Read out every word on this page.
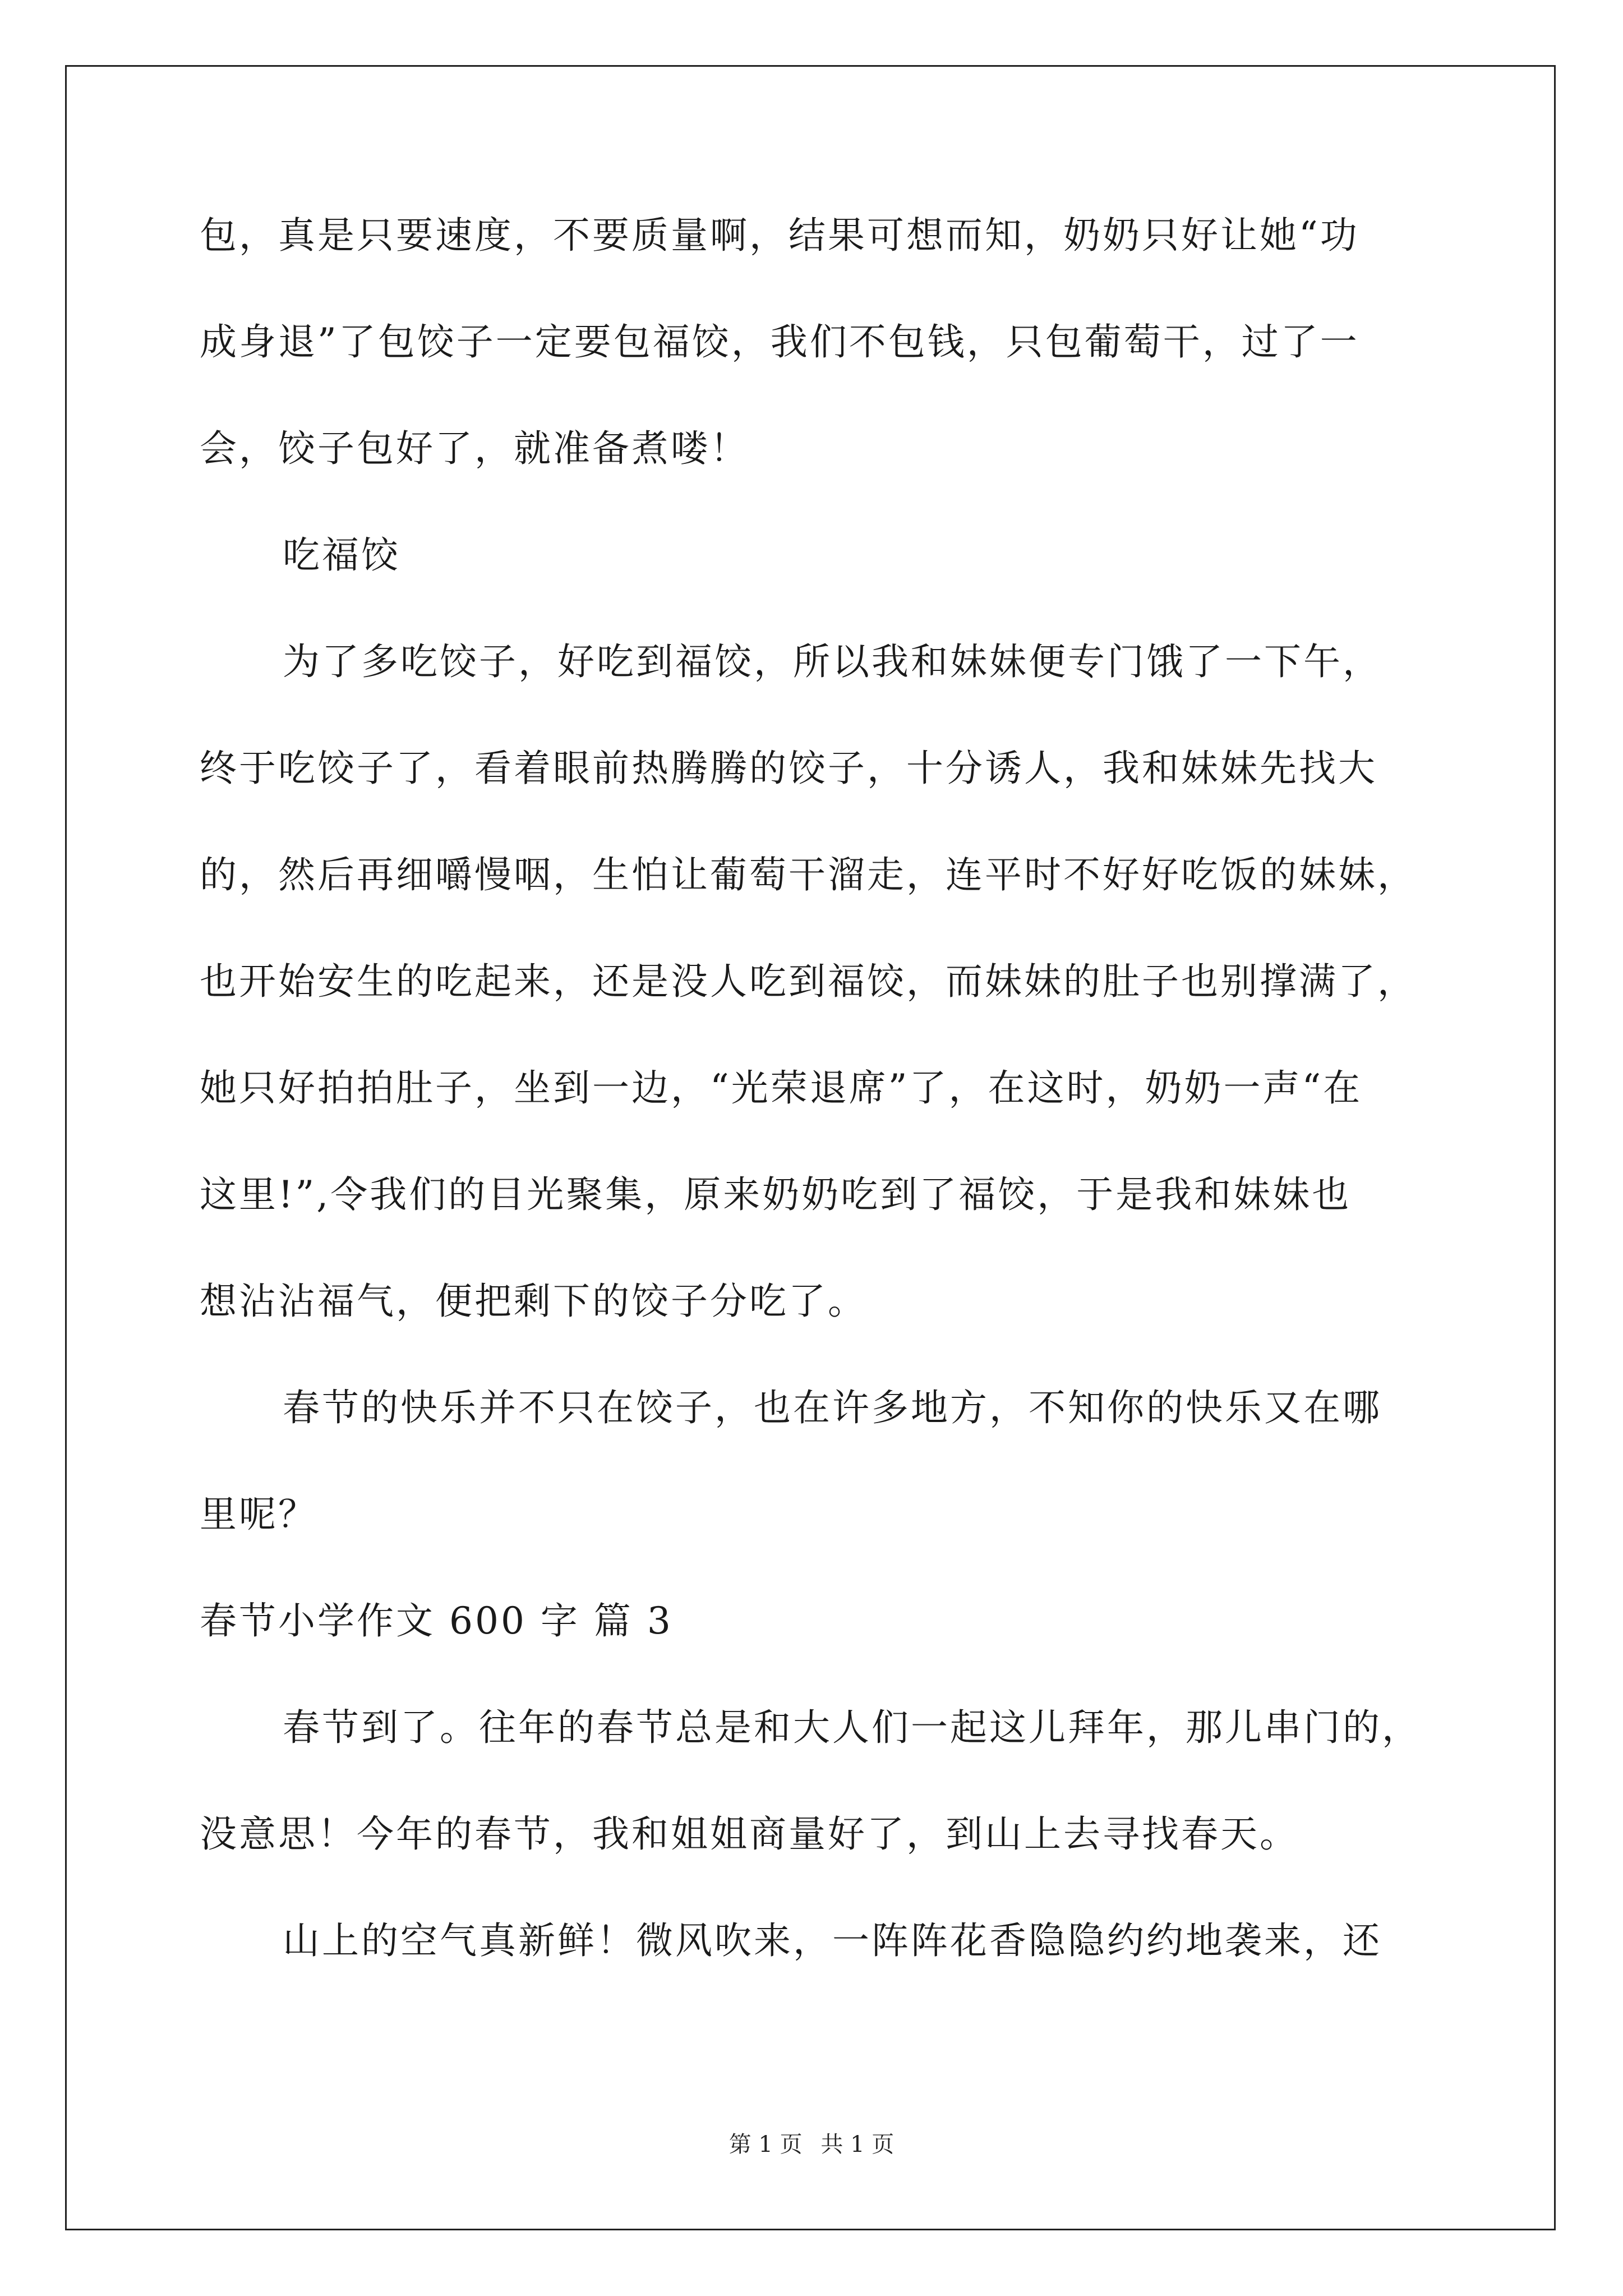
包，真是只要速度，不要质量啊，结果可想而知，奶奶只好让她“功
成身退”了包饺子一定要包福饺，我们不包钱，只包葡萄干，过了一
会，饺子包好了，就准备煮喽！
吃福饺
为了多吃饺子，好吃到福饺，所以我和妹妹便专门饿了一下午，
终于吃饺子了，看着眼前热腾腾的饺子，十分诱人，我和妹妹先找大
的，然后再细嚼慢咽，生怕让葡萄干溜走，连平时不好好吃饭的妹妹，
也开始安生的吃起来，还是没人吃到福饺，而妹妹的肚子也别撑满了，
她只好拍拍肚子，坐到一边，“光荣退席”了，在这时，奶奶一声“在
这里!”,令我们的目光聚集，原来奶奶吃到了福饺，于是我和妹妹也
想沾沾福气，便把剩下的饺子分吃了。
春节的快乐并不只在饺子，也在许多地方，不知你的快乐又在哪
里呢？
春节小学作文 600 字 篇 3
春节到了。往年的春节总是和大人们一起这儿拜年，那儿串门的，
没意思！今年的春节，我和姐姐商量好了，到山上去寻找春天。
山上的空气真新鲜！微风吹来，一阵阵花香隐隐约约地袭来，还
第 1 页 共 1 页
